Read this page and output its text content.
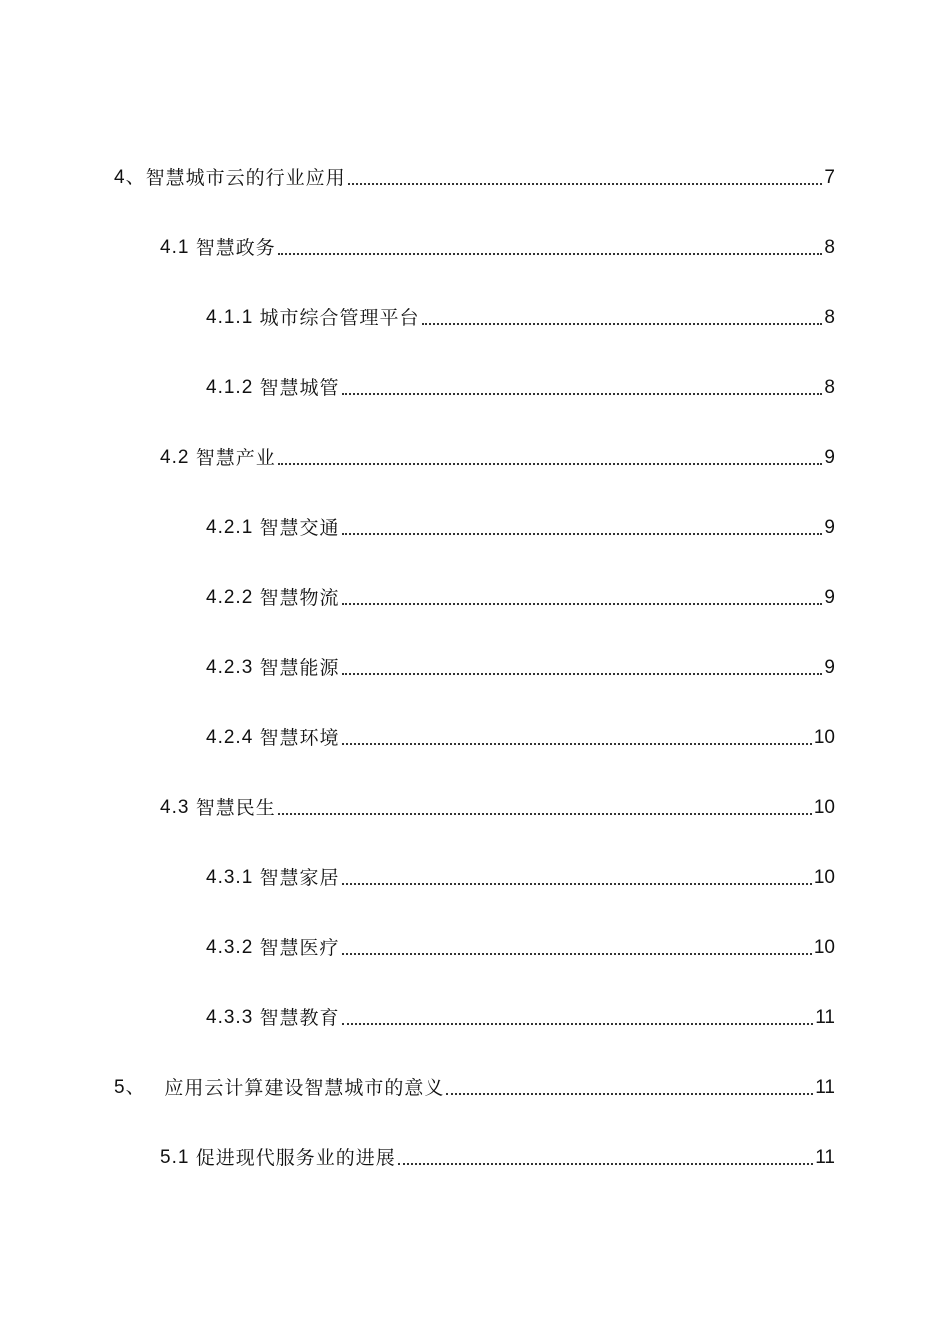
4、 智慧城市云的行业应用	7
4.1 智慧政务	8
4.1.1 城市综合管理平台	8
4.1.2 智慧城管	8
4.2 智慧产业	9
4.2.1 智慧交通	9
4.2.2 智慧物流	9
4.2.3 智慧能源	9
4.2.4 智慧环境	10
4.3 智慧民生	10
4.3.1 智慧家居	10
4.3.2 智慧医疗	10
4.3.3 智慧教育	11
5、 应用云计算建设智慧城市的意义	11
5.1 促进现代服务业的进展	11
